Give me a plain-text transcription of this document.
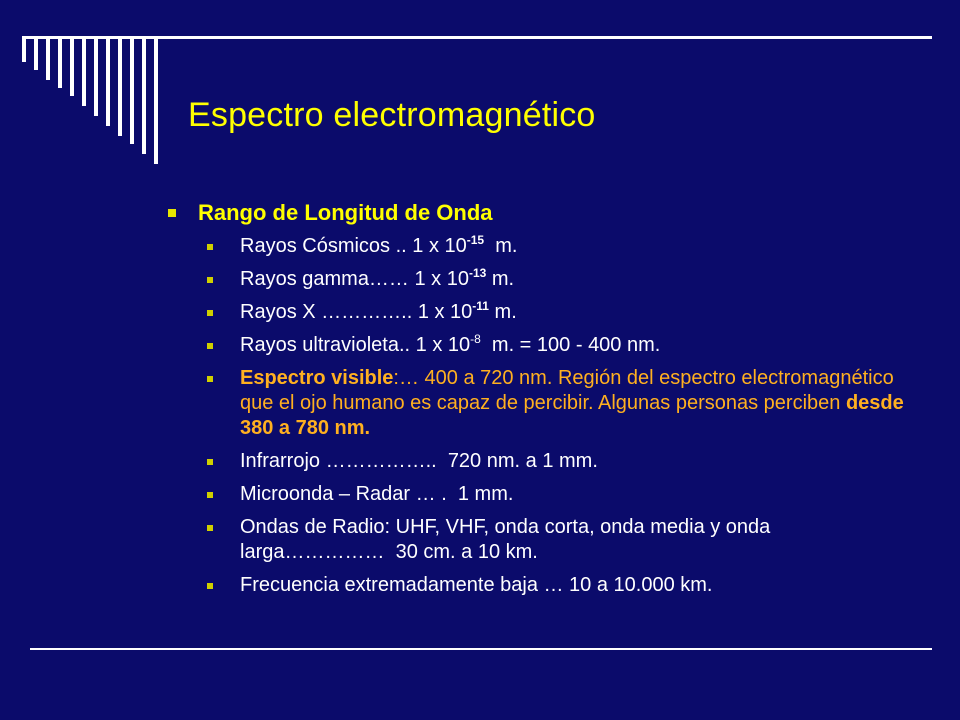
Espectro electromagnético
Rango de Longitud de Onda
Rayos Cósmicos .. 1 x $10^{-15}$  m.
Rayos gamma…… 1 x $10^{-13}$ m.
Rayos X ………….. 1 x $10^{-11}$ m.
Rayos ultravioleta.. 1 x $10^{-8}$  m. = 100 - 400 nm.
Espectro visible:… 400 a 720 nm. Región del espectro electromagnético que el ojo humano es capaz de percibir. Algunas personas perciben desde 380 a 780 nm.
Infrarrojo ……………..  720 nm. a 1 mm.
Microonda – Radar … .  1 mm.
Ondas de Radio: UHF, VHF, onda corta, onda media y onda larga……………  30 cm. a 10 km.
Frecuencia extremadamente baja … 10 a 10.000 km.
